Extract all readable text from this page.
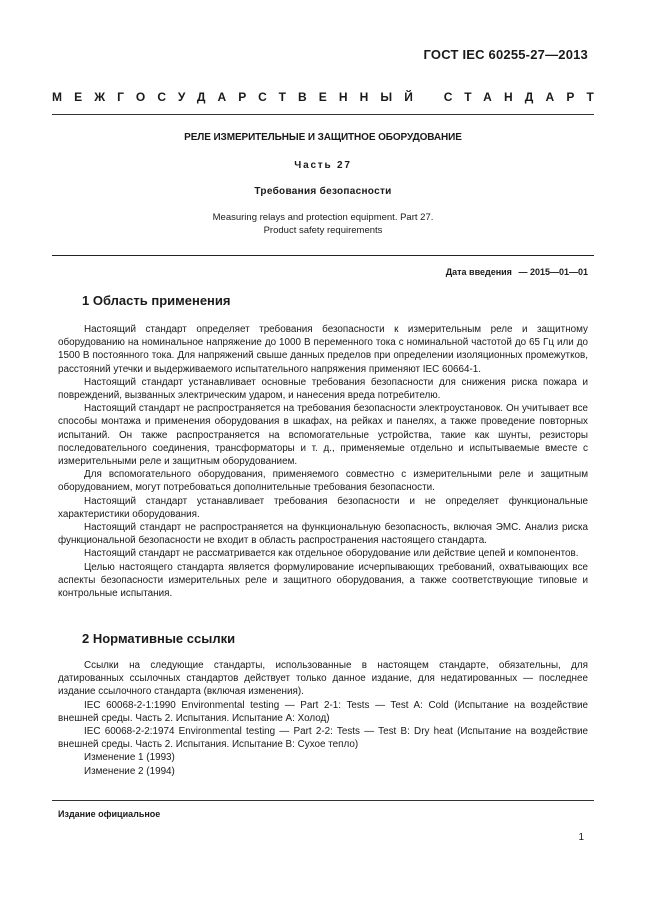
ГОСТ IEC 60255-27—2013
МЕЖГОСУДАРСТВЕННЫЙ СТАНДАРТ
РЕЛЕ ИЗМЕРИТЕЛЬНЫЕ И ЗАЩИТНОЕ ОБОРУДОВАНИЕ
Часть 27
Требования безопасности
Measuring relays and protection equipment. Part 27.
Product safety requirements
Дата введения — 2015—01—01
1 Область применения

Настоящий стандарт определяет требования безопасности к измерительным реле и защитному оборудованию на номинальное напряжение до 1000 В переменного тока с номинальной частотой до 65 Гц или до 1500 В постоянного тока. Для напряжений свыше данных пределов при определении изоляционных промежутков, расстояний утечки и выдерживаемого испытательного напряжения применяют IEC 60664-1.

Настоящий стандарт устанавливает основные требования безопасности для снижения риска пожара и повреждений, вызванных электрическим ударом, и нанесения вреда потребителю.

Настоящий стандарт не распространяется на требования безопасности электроустановок. Он учитывает все способы монтажа и применения оборудования в шкафах, на рейках и панелях, а также проведение повторных испытаний. Он также распространяется на вспомогательные устройства, такие как шунты, резисторы последовательного соединения, трансформаторы и т. д., применяемые отдельно и испытываемые вместе с измерительными реле и защитным оборудованием.

Для вспомогательного оборудования, применяемого совместно с измерительными реле и защитным оборудованием, могут потребоваться дополнительные требования безопасности.

Настоящий стандарт устанавливает требования безопасности и не определяет функциональные характеристики оборудования.

Настоящий стандарт не распространяется на функциональную безопасность, включая ЭМС. Анализ риска функциональной безопасности не входит в область распространения настоящего стандарта.

Настоящий стандарт не рассматривается как отдельное оборудование или действие цепей и компонентов.

Целью настоящего стандарта является формулирование исчерпывающих требований, охватывающих все аспекты безопасности измерительных реле и защитного оборудования, а также соответствующие типовые и контрольные испытания.

2 Нормативные ссылки

Ссылки на следующие стандарты, использованные в настоящем стандарте, обязательны, для датированных ссылочных стандартов действует только данное издание, для недатированных — последнее издание ссылочного стандарта (включая изменения).

IEC 60068-2-1:1990 Environmental testing — Part 2-1: Tests — Test A: Cold (Испытание на воздействие внешней среды. Часть 2. Испытания. Испытание А: Холод)

IEC 60068-2-2:1974 Environmental testing — Part 2-2: Tests — Test B: Dry heat (Испытание на воздействие внешней среды. Часть 2. Испытания. Испытание В: Сухое тепло)

Изменение 1 (1993)

Изменение 2 (1994)

Издание официальное
1
